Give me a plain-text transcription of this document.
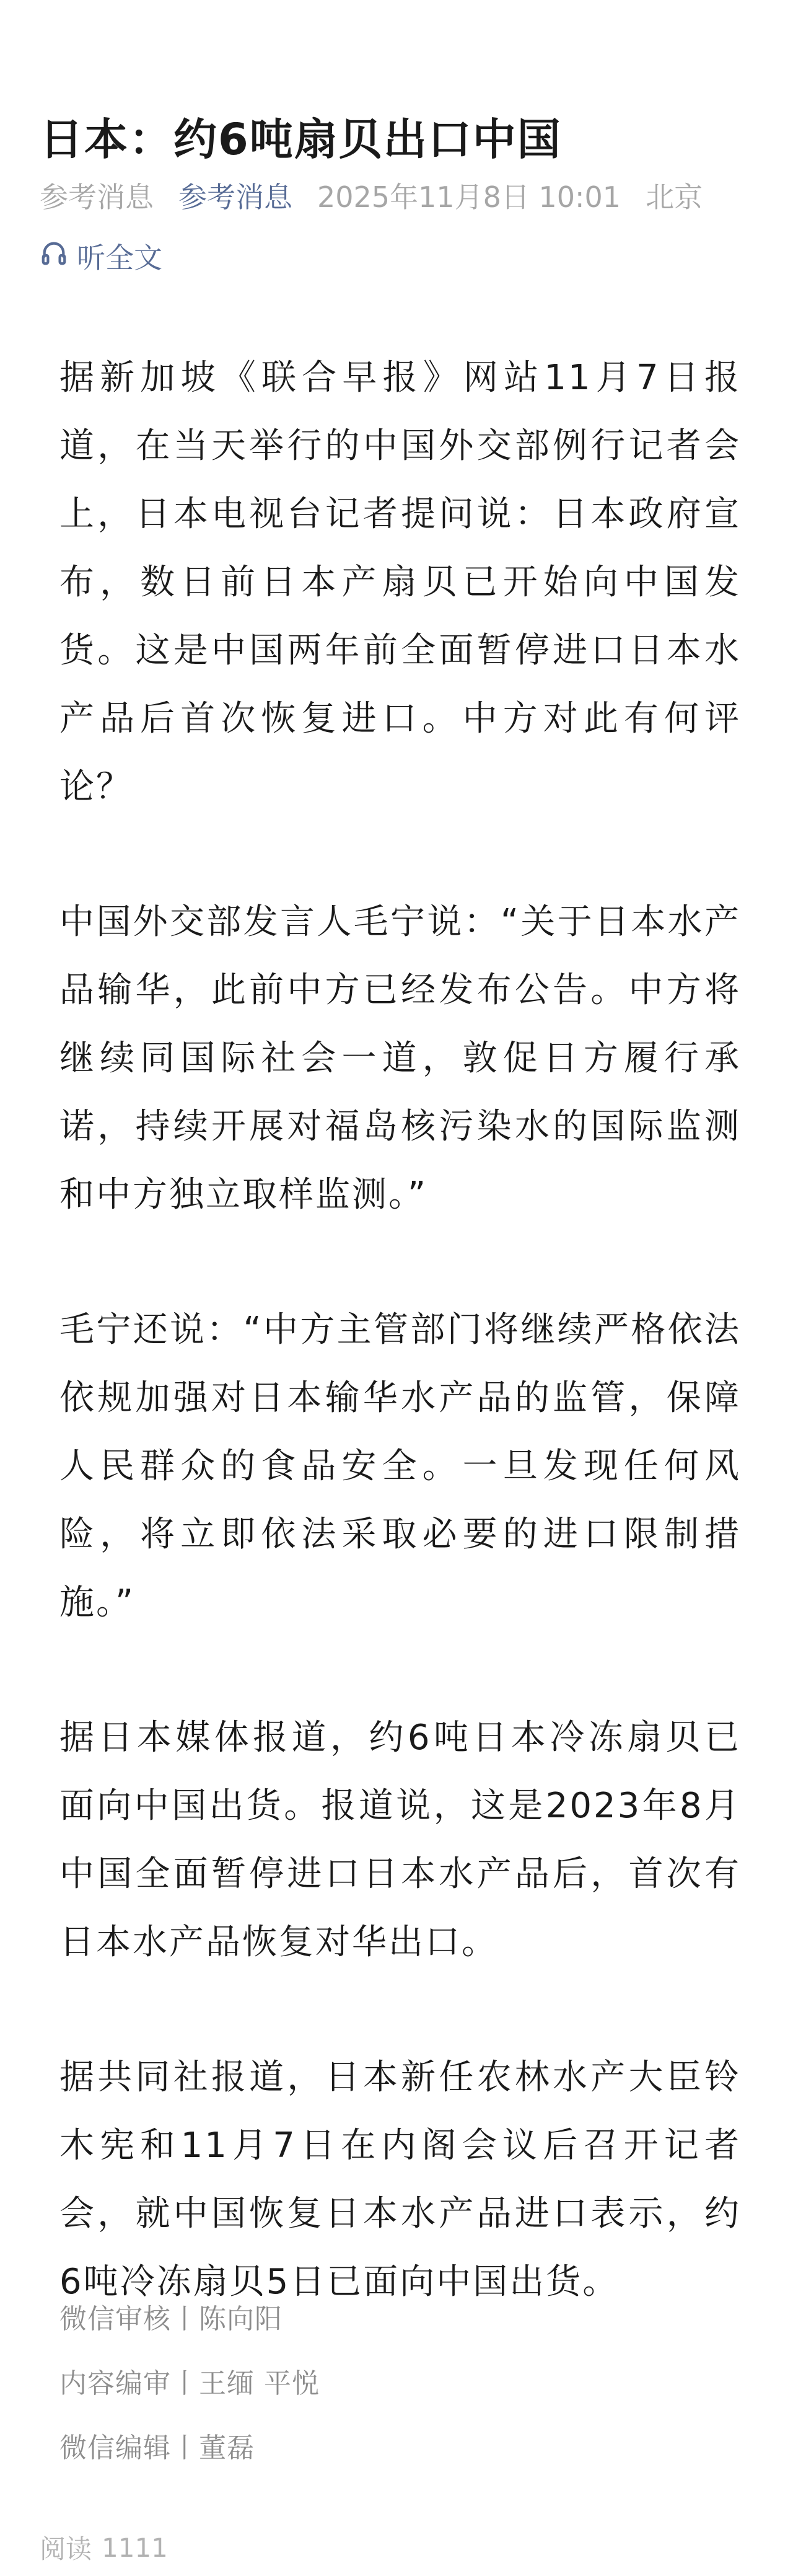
日本：约6吨扇贝出口中国
参考消息 参考消息 2025年11月8日 10:01 北京
听全文

据新加坡《联合早报》网站11月7日报道，在当天举行的中国外交部例行记者会上，日本电视台记者提问说：日本政府宣布，数日前日本产扇贝已开始向中国发货。这是中国两年前全面暂停进口日本水产品后首次恢复进口。中方对此有何评论？

中国外交部发言人毛宁说：“关于日本水产品输华，此前中方已经发布公告。中方将继续同国际社会一道，敦促日方履行承诺，持续开展对福岛核污染水的国际监测和中方独立取样监测。”

毛宁还说：“中方主管部门将继续严格依法依规加强对日本输华水产品的监管，保障人民群众的食品安全。一旦发现任何风险，将立即依法采取必要的进口限制措施。”

据日本媒体报道，约6吨日本冷冻扇贝已面向中国出货。报道说，这是2023年8月中国全面暂停进口日本水产品后，首次有日本水产品恢复对华出口。

据共同社报道，日本新任农林水产大臣铃木宪和11月7日在内阁会议后召开记者会，就中国恢复日本水产品进口表示，约6吨冷冻扇贝5日已面向中国出货。

微信审核丨陈向阳
内容编审丨王缅 平悦
微信编辑丨董磊
阅读 1111
